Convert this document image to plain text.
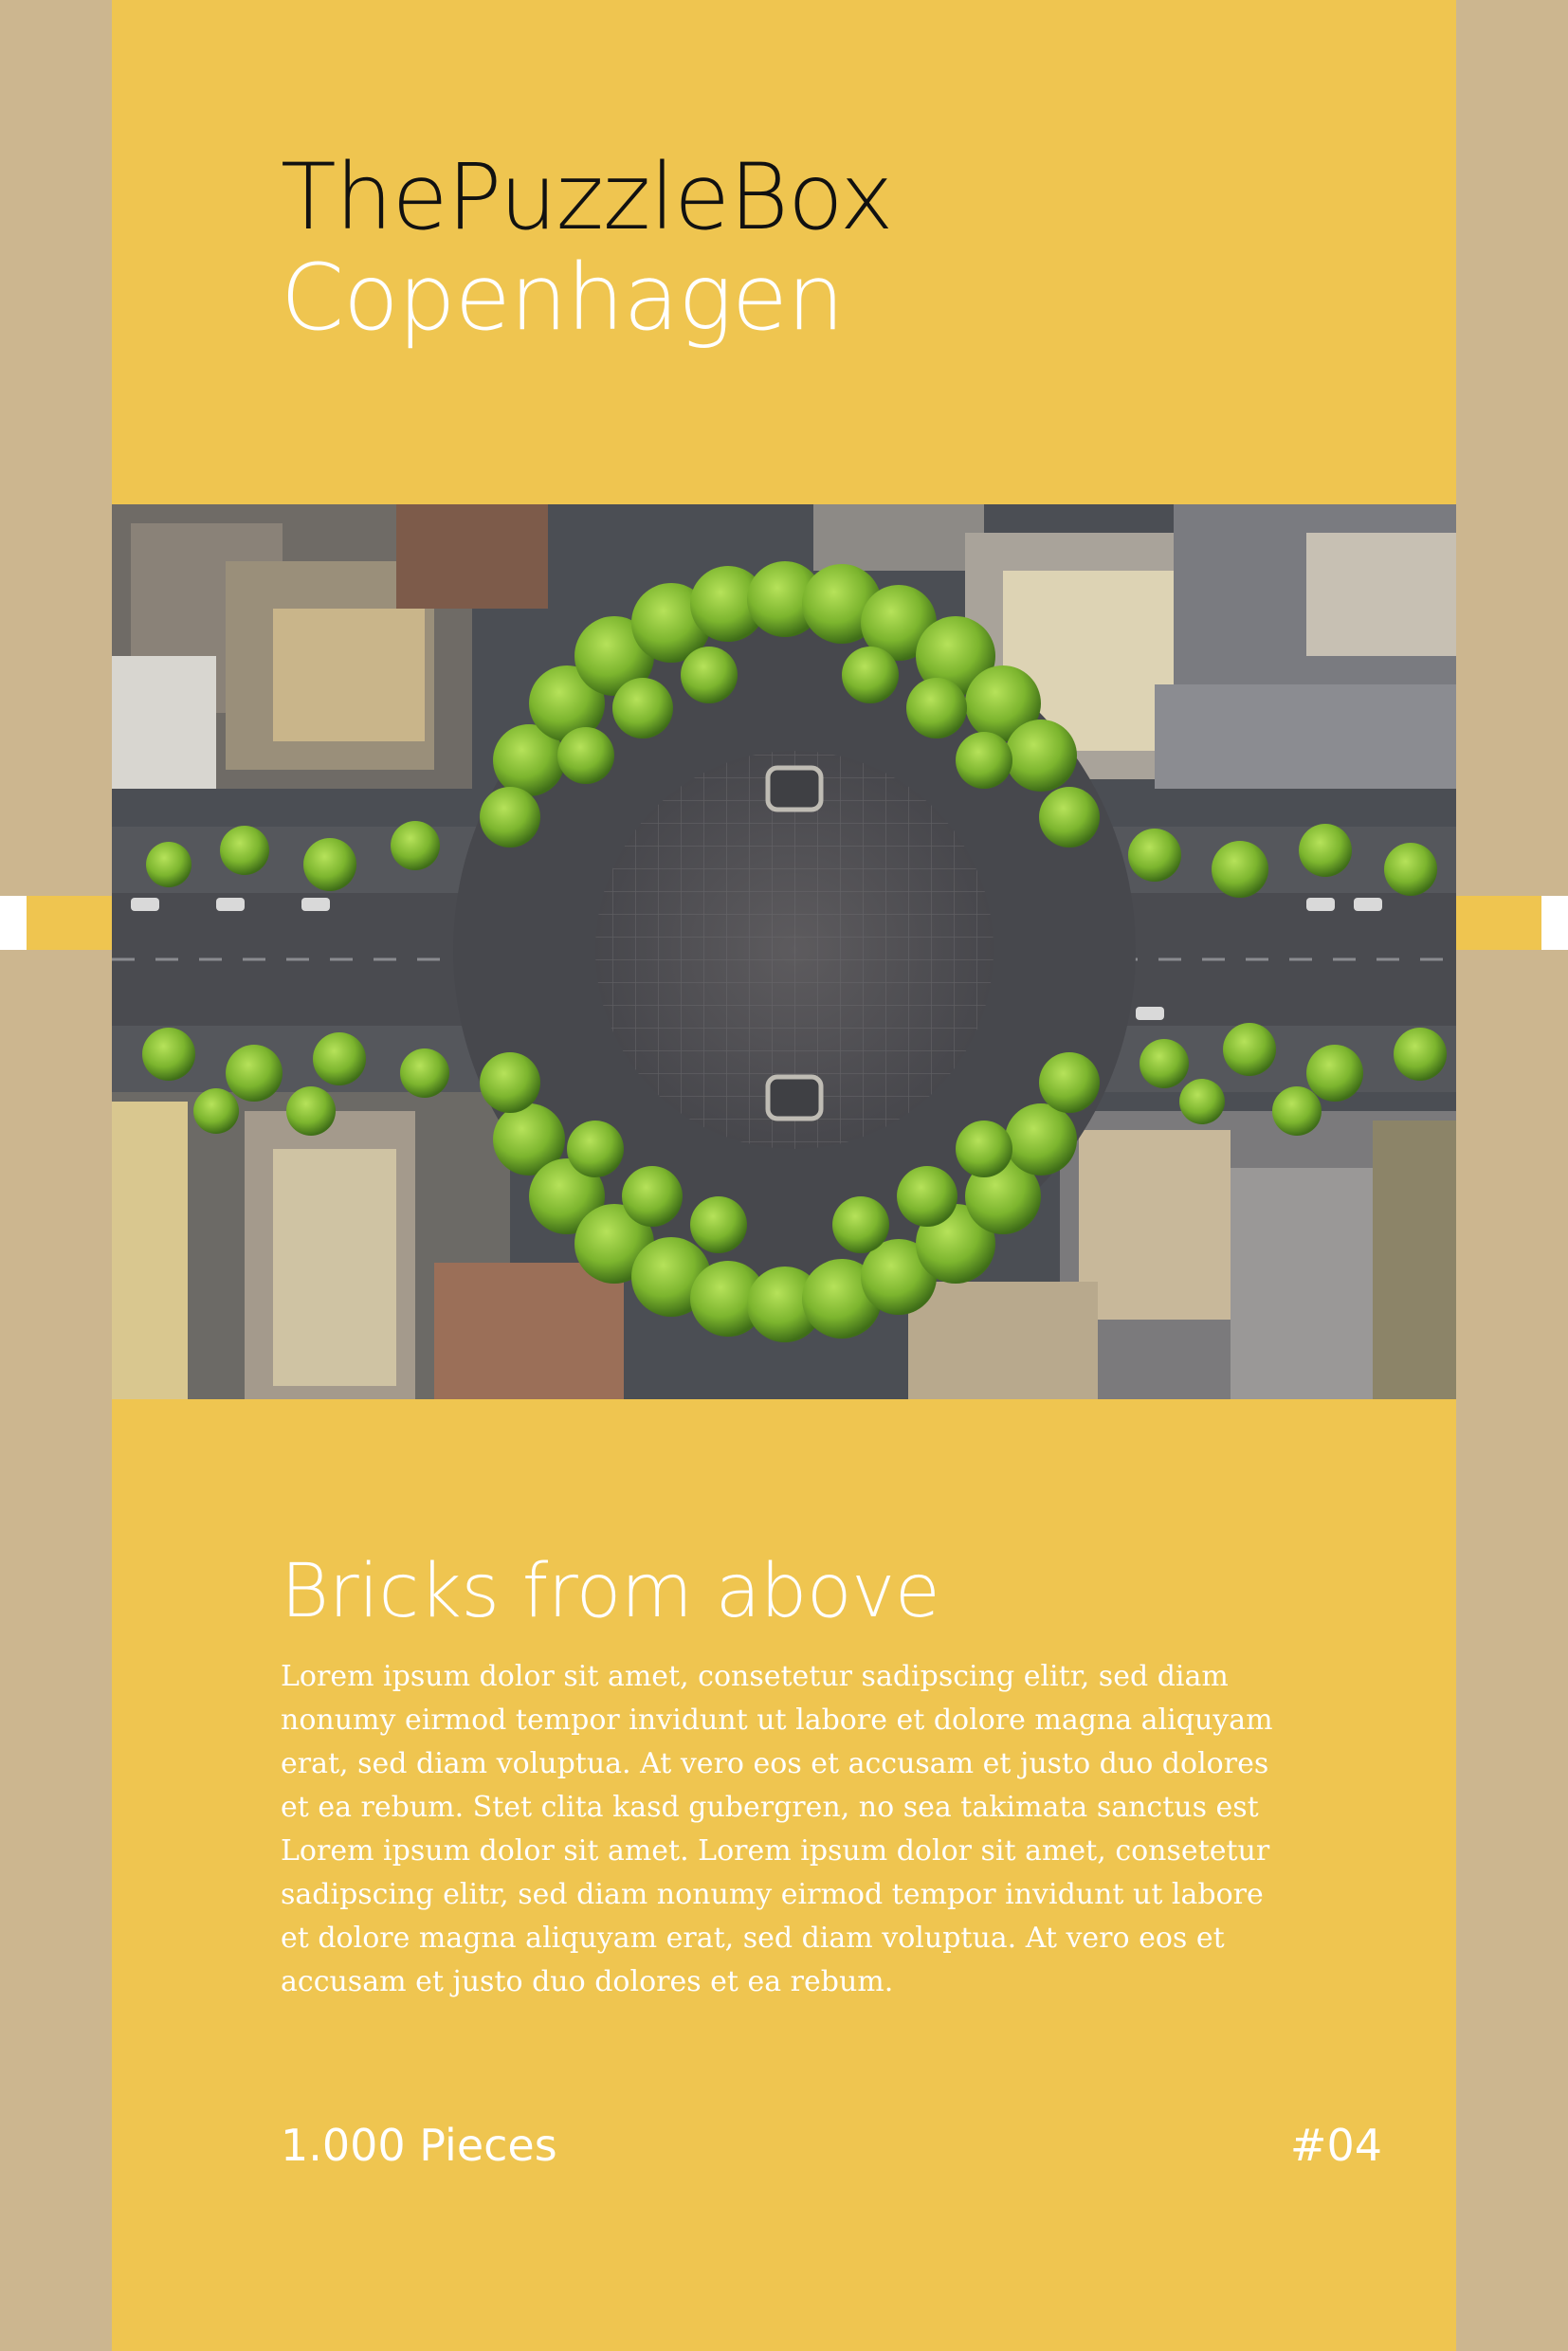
ThePuzzleBox
Copenhagen
Bricks from above

Lorem ipsum dolor sit amet, consetetur sadipscing elitr, sed diam nonumy eirmod tempor invidunt ut labore et dolore magna aliquyam erat, sed diam voluptua. At vero eos et accusam et justo duo dolores et ea rebum. Stet clita kasd gubergren, no sea takimata sanctus est Lorem ipsum dolor sit amet. Lorem ipsum dolor sit amet, consetetur sadipscing elitr, sed diam nonumy eirmod tempor invidunt ut labore et dolore magna aliquyam erat, sed diam voluptua. At vero eos et accusam et justo duo dolores et ea rebum.

1.000 Pieces	#04
